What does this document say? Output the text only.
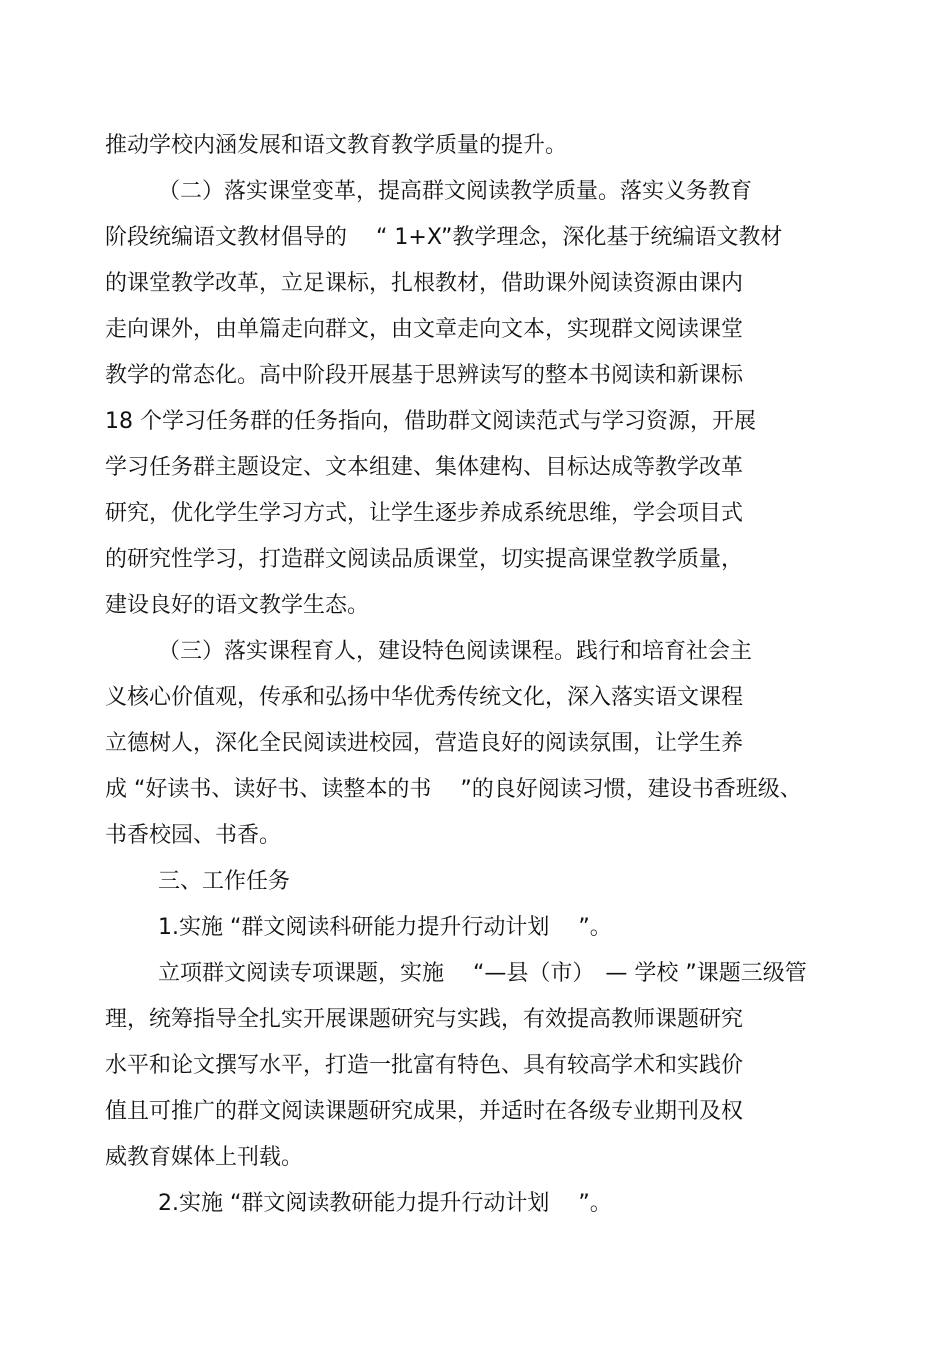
推动学校内涵发展和语文教育教学质量的提升。
（二）落实课堂变革，提高群文阅读教学质量。落实义务教育
阶段统编语文教材倡导的　 “ 1+X”教学理念，深化基于统编语文教材
的课堂教学改革，立足课标，扎根教材，借助课外阅读资源由课内
走向课外，由单篇走向群文，由文章走向文本，实现群文阅读课堂
教学的常态化。高中阶段开展基于思辨读写的整本书阅读和新课标
18 个学习任务群的任务指向，借助群文阅读范式与学习资源，开展
学习任务群主题设定、文本组建、集体建构、目标达成等教学改革
研究，优化学生学习方式，让学生逐步养成系统思维，学会项目式
的研究性学习，打造群文阅读品质课堂，切实提高课堂教学质量，
建设良好的语文教学生态。
（三）落实课程育人，建设特色阅读课程。践行和培育社会主
义核心价值观，传承和弘扬中华优秀传统文化，深入落实语文课程
立德树人，深化全民阅读进校园，营造良好的阅读氛围，让学生养
成 “好读书、读好书、读整本的书　 ”的良好阅读习惯，建设书香班级、
书香校园、书香。
三、工作任务
1.实施 “群文阅读科研能力提升行动计划　 ”。
立项群文阅读专项课题，实施　 “—县（市）　— 学校 ”课题三级管
理，统筹指导全扎实开展课题研究与实践，有效提高教师课题研究
水平和论文撰写水平，打造一批富有特色、具有较高学术和实践价
值且可推广的群文阅读课题研究成果，并适时在各级专业期刊及权
威教育媒体上刊载。
2.实施 “群文阅读教研能力提升行动计划　 ”。
